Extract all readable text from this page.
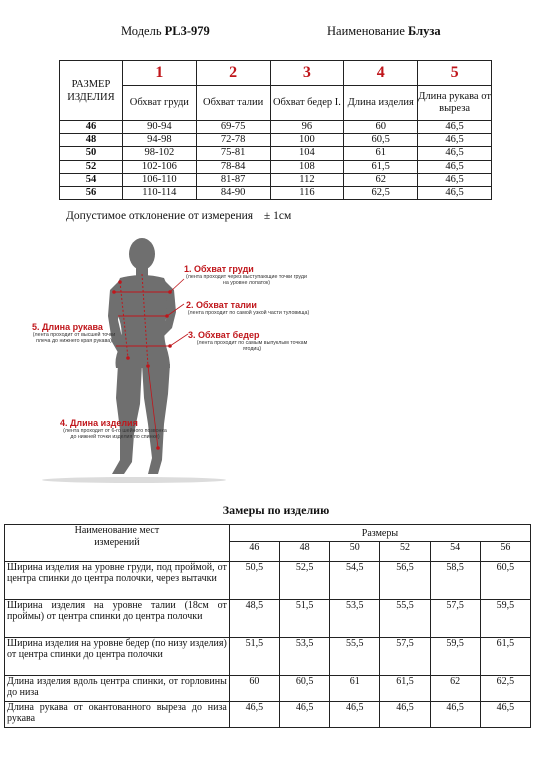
Модель PL3-979	Наименование Блуза
РАЗМЕР ИЗДЕЛИЯ	1	2	3	4	5
	Обхват груди	Обхват талии	Обхват бедер I.	Длина изделия	Длина рукава от выреза
46	90-94	69-75	96	60	46,5
48	94-98	72-78	100	60,5	46,5
50	98-102	75-81	104	61	46,5
52	102-106	78-84	108	61,5	46,5
54	106-110	81-87	112	62	46,5
56	110-114	84-90	116	62,5	46,5
Допустимое отклонение от измерения ± 1см
1. Обхват груди
(лента проходит через выступающие точки груди на уровне лопаток)
2. Обхват талии
(лента проходит по самой узкой части туловища)
3. Обхват бедер
(лента проходит по самым выпуклым точкам ягодиц)
4. Длина изделия
(лента проходит от 6-го шейного позвонка до нижней точки изделия по спинке)
5. Длина рукава
(лента проходит от высшей точки плеча до нижнего края рукава)
Замеры по изделию
Наименование мест измерений	Размеры					
	46	48	50	52	54	56
Ширина изделия на уровне груди, под проймой, от центра спинки до центра полочки, через вытачки	50,5	52,5	54,5	56,5	58,5	60,5
Ширина изделия на уровне талии (18см от проймы) от центра спинки до центра полочки	48,5	51,5	53,5	55,5	57,5	59,5
Ширина изделия на уровне бедер (по низу изделия) от центра спинки до центра полочки	51,5	53,5	55,5	57,5	59,5	61,5
Длина изделия вдоль центра спинки, от горловины до низа	60	60,5	61	61,5	62	62,5
Длина рукава от окантованного выреза до низа рукава	46,5	46,5	46,5	46,5	46,5	46,5
